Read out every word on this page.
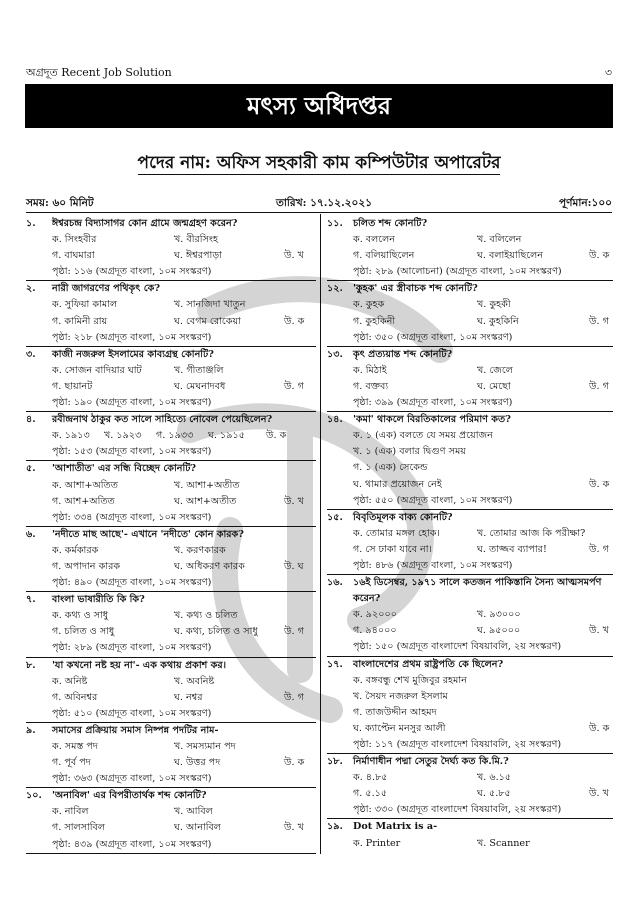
অগ্রদূত Recent Job Solution	৩
মৎস্য অধিদপ্তর
পদের নাম: অফিস সহকারী কাম কম্পিউটার অপারেটর
সময়: ৬০ মিনিট	তারিখ: ১৭.১২.২০২১	পূর্ণমান:১০০
১.	ঈশ্বরচন্দ্র বিদ্যাসাগর কোন গ্রামে জন্মগ্রহণ করেন?
ক. সিংহবীর	খ. বীরসিংহ
গ. বাঘমারা	ঘ. ঈশ্বরপাড়া	উ. খ
পৃষ্ঠা: ১১৬ (অগ্রদূত বাংলা, ১০ম সংস্করণ)
২.	নারী জাগরণের পথিকৃৎ কে?
ক. সুফিয়া কামাল	খ. সানজিদা খাতুন
গ. কামিনী রায়	ঘ. বেগম রোকেয়া	উ. ক
পৃষ্ঠা: ২১৮ (অগ্রদূত বাংলা, ১০ম সংস্করণ)
৩.	কাজী নজরুল ইসলামের কাব্যগ্রন্থ কোনটি?
ক. সোজন বাদিয়ার ঘাট	খ. গীতাঞ্জলি
গ. ছায়ানট	ঘ. মেঘনাদবধ	উ. গ
পৃষ্ঠা: ১৯০ (অগ্রদূত বাংলা, ১০ম সংস্করণ)
৪.	রবীন্দ্রনাথ ঠাকুর কত সালে সাহিত্যে নোবেল পেয়েছিলেন?
ক. ১৯১৩ খ. ১৯২৩ গ. ১৯৩৩ ঘ. ১৯১৫ উ. ক
পৃষ্ঠা: ১৫৩ (অগ্রদূত বাংলা, ১০ম সংস্করণ)
৫.	'আশাতীত' এর সন্ধি বিচ্ছেদ কোনটি?
ক. আশা+অতিত	খ. আশা+অতীত
গ. আশ+অতিত	ঘ. আশ+অতীত	উ. খ
পৃষ্ঠা: ৩৩৪ (অগ্রদূত বাংলা, ১০ম সংস্করণ)
৬.	'নদীতে মাছ আছে'- এখানে 'নদীতে' কোন কারক?
ক. কর্মকারক	খ. করণকারক
গ. অপাদান কারক	ঘ. অধিকরণ কারক	উ. ঘ
পৃষ্ঠা: ৪৯০ (অগ্রদূত বাংলা, ১০ম সংস্করণ)
৭.	বাংলা ভাষারীতি কি কি?
ক. কথ্য ও সাধু	খ. কথ্য ও চলিত
গ. চলিত ও সাধু	ঘ. কথ্য, চলিত ও সাধু	উ. গ
পৃষ্ঠা: ২৮৯ (অগ্রদূত বাংলা, ১০ম সংস্করণ)
৮.	'যা কখনো নষ্ট হয় না'- এক কথায় প্রকাশ কর।
ক. অনিষ্ট	খ. অবনিষ্ট
গ. অবিনশ্বর	ঘ. নশ্বর	উ. গ
পৃষ্ঠা: ৫১০ (অগ্রদূত বাংলা, ১০ম সংস্করণ)
৯.	সমাসের প্রক্রিয়ায় সমাস নিষ্পন্ন পদটির নাম-
ক. সমস্ত পদ	খ. সমস্যমান পদ
গ. পূর্ব পদ	ঘ. উত্তর পদ	উ. ক
পৃষ্ঠা: ৩৬৩ (অগ্রদূত বাংলা, ১০ম সংস্করণ)
১০.	'অনাবিল' এর বিপরীতার্থক শব্দ কোনটি?
ক. নাবিল	খ. আবিল
গ. সালসাবিল	ঘ. আনাবিল	উ. খ
পৃষ্ঠা: ৪৩৯ (অগ্রদূত বাংলা, ১০ম সংস্করণ)
১১.	চলিত শব্দ কোনটি?
ক. বললেন	খ. বলিলেন
গ. বলিয়াছিলেন	ঘ. বলাইয়াছিলেন	উ. ক
পৃষ্ঠা: ২৮৯ (আলোচনা) (অগ্রদূত বাংলা, ১০ম সংস্করণ)
১২.	'কুহক' এর স্ত্রীবাচক শব্দ কোনটি?
ক. কুহক	খ. কুহকী
গ. কুহকিনী	ঘ. কুহকিনি	উ. গ
পৃষ্ঠা: ৩৫০ (অগ্রদূত বাংলা, ১০ম সংস্করণ)
১৩.	কৃৎ প্রত্যয়ান্ত শব্দ কোনটি?
ক. মিঠাই	খ. জেলে
গ. বক্তব্য	ঘ. মেছো	উ. গ
পৃষ্ঠা: ৩৯৯ (অগ্রদূত বাংলা, ১০ম সংস্করণ)
১৪.	'কমা' থাকলে বিরতিকালের পরিমাণ কত?
ক. ১ (এক) বলতে যে সময় প্রয়োজন
খ. ১ (এক) বলার দ্বিগুণ সময়
গ. ১ (এক) সেকেন্ড
ঘ. থামার প্রয়োজন নেই	উ. ক
পৃষ্ঠা: ৫৫০ (অগ্রদূত বাংলা, ১০ম সংস্করণ)
১৫.	বিবৃতিমূলক বাক্য কোনটি?
ক. তোমার মঙ্গল হোক।	খ. তোমার আজ কি পরীক্ষা?
গ. সে ঢাকা যাবে না।	ঘ. তাজ্জব ব্যাপার!	উ. গ
পৃষ্ঠা: ৪৮৬ (অগ্রদূত বাংলা, ১০ম সংস্করণ)
১৬.	১৬ই ডিসেম্বর, ১৯৭১ সালে কতজন পাকিস্তানি সৈন্য আত্মসমর্পণ করেন?
ক. ৯২০০০	খ. ৯৩০০০
গ. ৯৪০০০	ঘ. ৯৫০০০	উ. খ
পৃষ্ঠা: ১৫০ (অগ্রদূত বাংলাদেশ বিষয়াবলি, ২য় সংস্করণ)
১৭.	বাংলাদেশের প্রথম রাষ্ট্রপতি কে ছিলেন?
ক. বঙ্গবন্ধু শেখ মুজিবুর রহমান
খ. সৈয়দ নজরুল ইসলাম
গ. তাজউদ্দীন আহমদ
ঘ. ক্যাপ্টেন মনসুর আলী	উ. ক
পৃষ্ঠা: ১১৭ (অগ্রদূত বাংলাদেশ বিষয়াবলি, ২য় সংস্করণ)
১৮.	নির্মাণাধীন পদ্মা সেতুর দৈর্ঘ্য কত কি.মি.?
ক. ৪.৮৫	খ. ৬.১৫
গ. ৫.১৫	ঘ. ৫.৮৫	উ. খ
পৃষ্ঠা: ৩৩০ (অগ্রদূত বাংলাদেশ বিষয়াবলি, ২য় সংস্করণ)
১৯.	Dot Matrix is a-
ক. Printer	খ. Scanner
